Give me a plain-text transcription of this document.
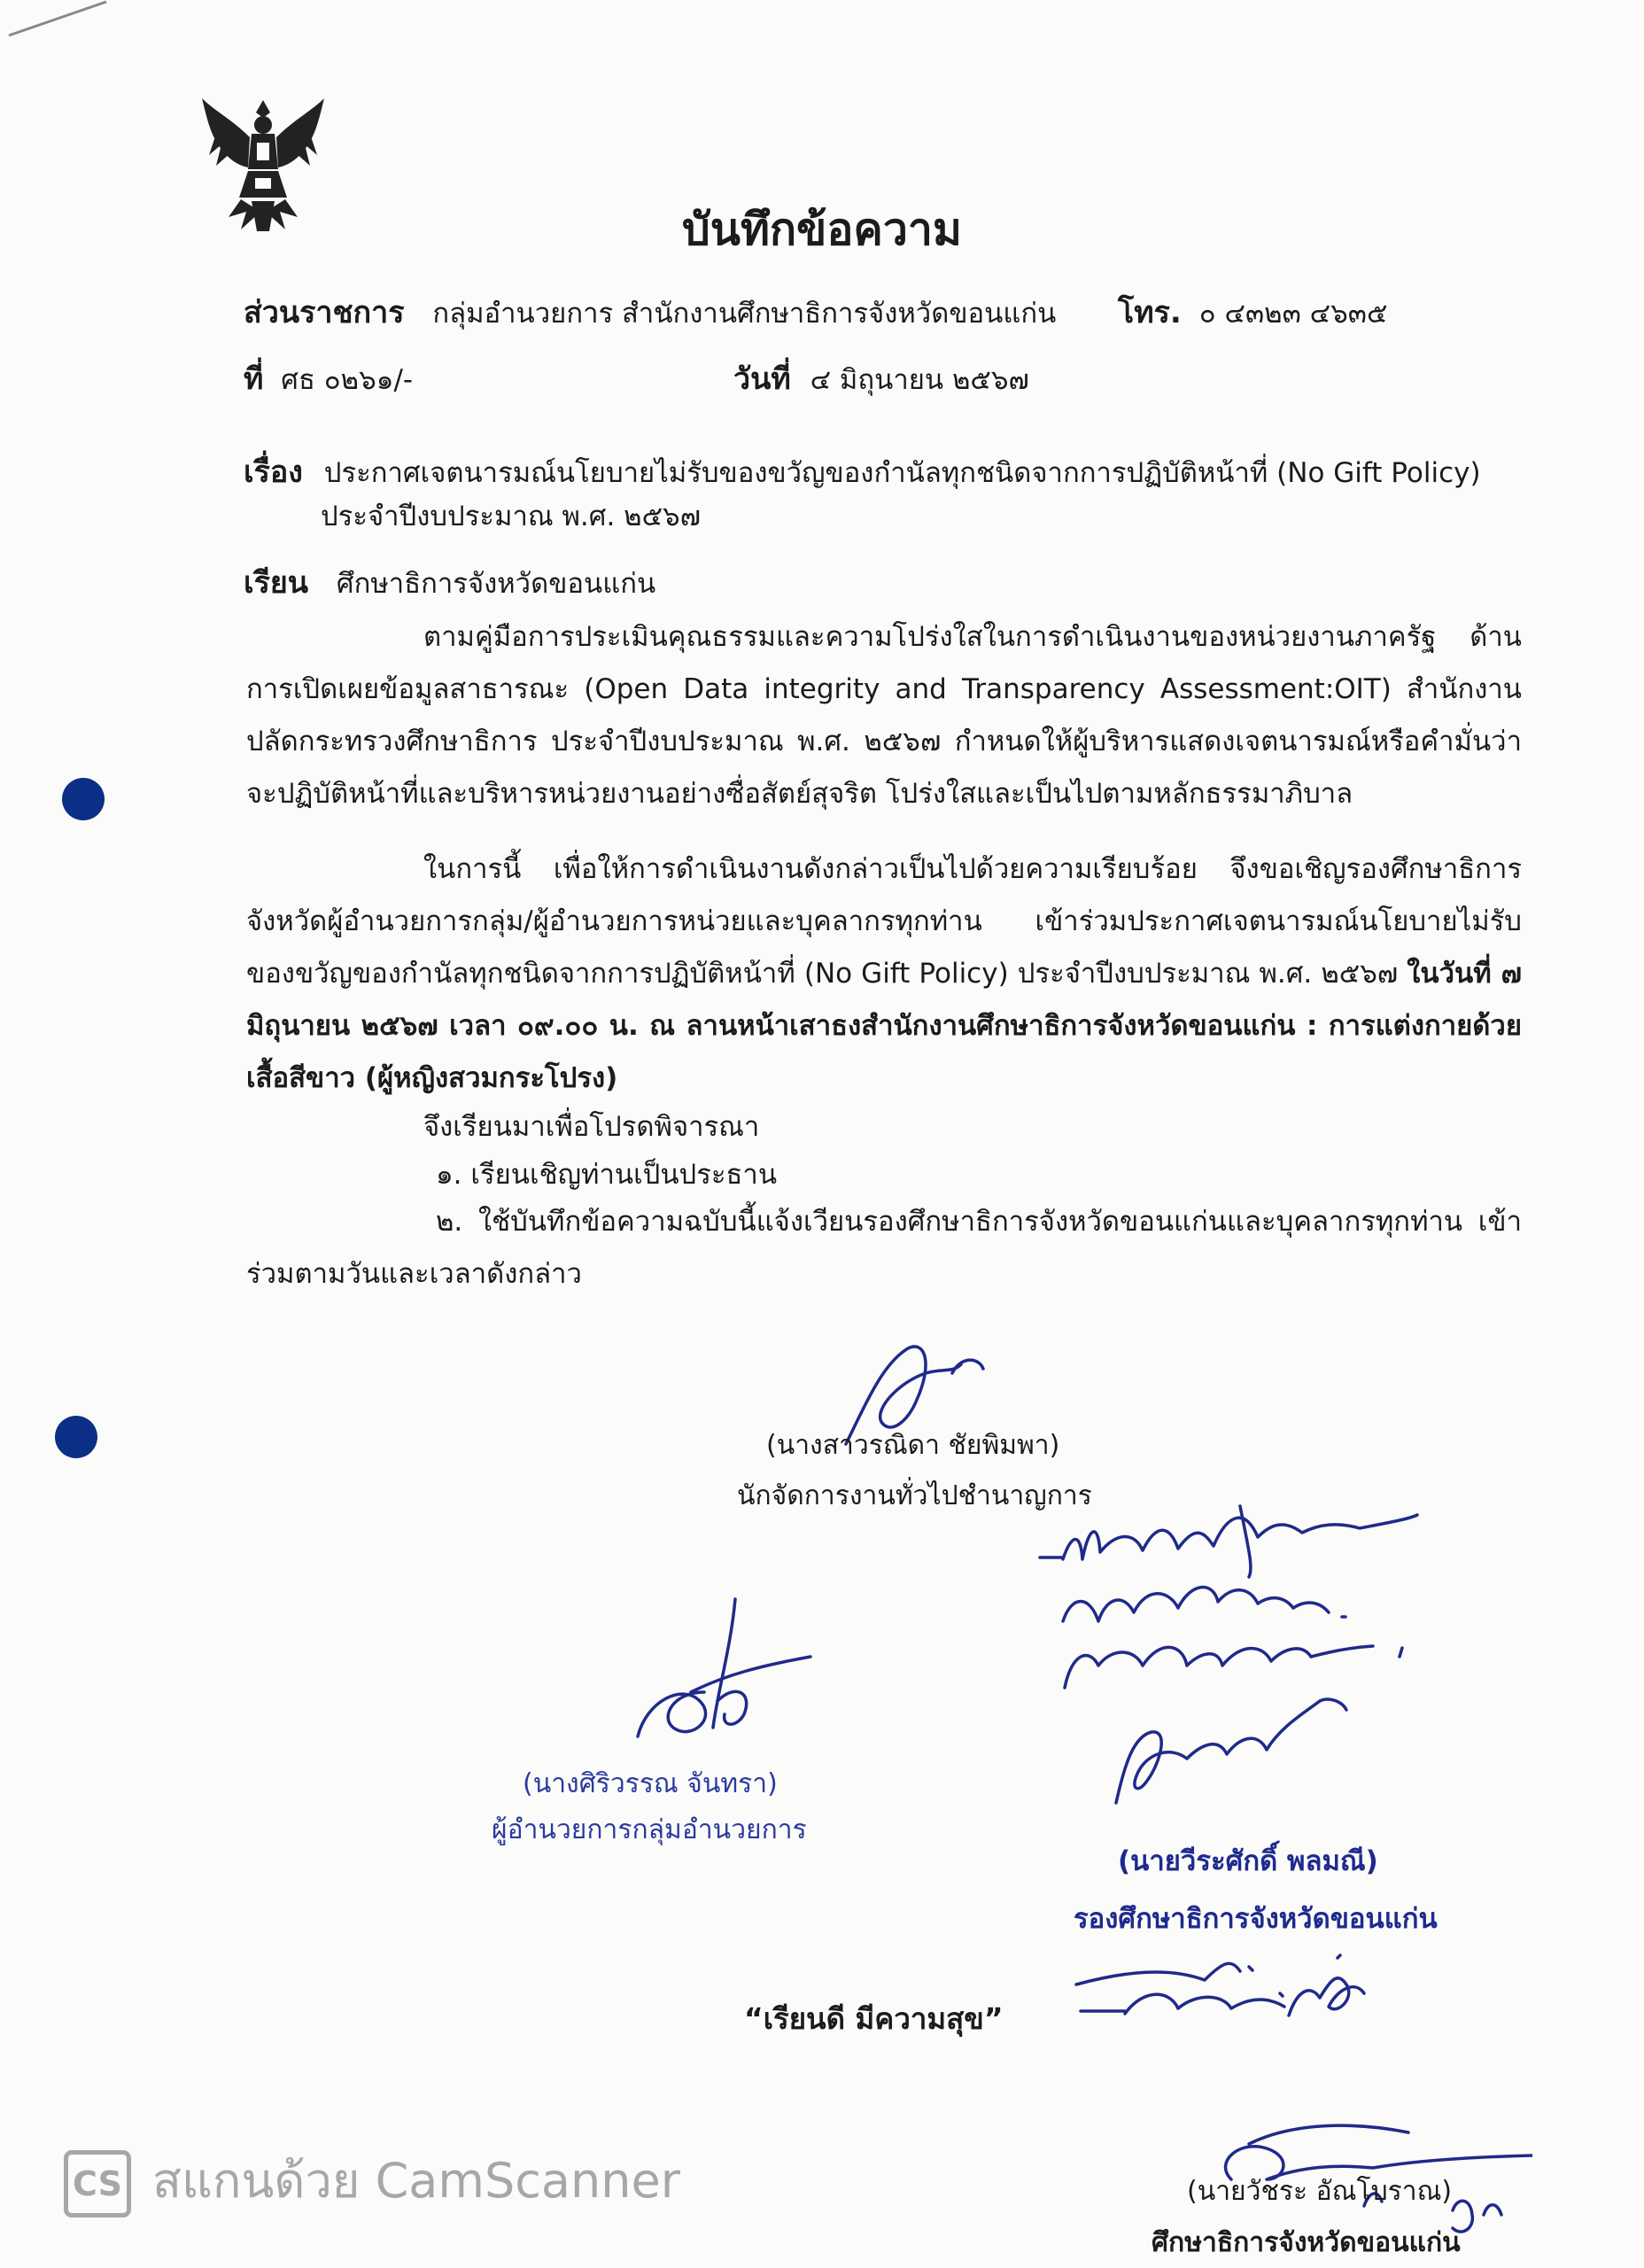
บันทึกข้อความ
ส่วนราชการ กลุ่มอำนวยการ สำนักงานศึกษาธิการจังหวัดขอนแก่น โทร. ๐ ๔๓๒๓ ๔๖๓๕
ที่ ศธ ๐๒๖๑/-	วันที่ ๔ มิถุนายน ๒๕๖๗
เรื่อง ประกาศเจตนารมณ์นโยบายไม่รับของขวัญของกำนัลทุกชนิดจากการปฏิบัติหน้าที่ (No Gift Policy)
ประจำปีงบประมาณ พ.ศ. ๒๕๖๗
เรียน ศึกษาธิการจังหวัดขอนแก่น
ตามคู่มือการประเมินคุณธรรมและความโปร่งใสในการดำเนินงานของหน่วยงานภาครัฐ ด้านการเปิดเผยข้อมูลสาธารณะ (Open Data integrity and Transparency Assessment:OIT) สำนักงานปลัดกระทรวงศึกษาธิการ ประจำปีงบประมาณ พ.ศ. ๒๕๖๗ กำหนดให้ผู้บริหารแสดงเจตนารมณ์หรือคำมั่นว่าจะปฏิบัติหน้าที่และบริหารหน่วยงานอย่างซื่อสัตย์สุจริต โปร่งใสและเป็นไปตามหลักธรรมาภิบาล
ในการนี้ เพื่อให้การดำเนินงานดังกล่าวเป็นไปด้วยความเรียบร้อย จึงขอเชิญรองศึกษาธิการจังหวัดผู้อำนวยการกลุ่ม/ผู้อำนวยการหน่วยและบุคลากรทุกท่าน เข้าร่วมประกาศเจตนารมณ์นโยบายไม่รับของขวัญของกำนัลทุกชนิดจากการปฏิบัติหน้าที่ (No Gift Policy) ประจำปีงบประมาณ พ.ศ. ๒๕๖๗ ในวันที่ ๗ มิถุนายน ๒๕๖๗ เวลา ๐๙.๐๐ น. ณ ลานหน้าเสาธงสำนักงานศึกษาธิการจังหวัดขอนแก่น : การแต่งกายด้วยเสื้อสีขาว (ผู้หญิงสวมกระโปรง)
จึงเรียนมาเพื่อโปรดพิจารณา
๑. เรียนเชิญท่านเป็นประธาน
๒. ใช้บันทึกข้อความฉบับนี้แจ้งเวียนรองศึกษาธิการจังหวัดขอนแก่นและบุคลากรทุกท่าน เข้าร่วมตามวันและเวลาดังกล่าว
(นางสาวรณิดา ชัยพิมพา)
นักจัดการงานทั่วไปชำนาญการ
(นางศิริวรรณ จันทรา)
ผู้อำนวยการกลุ่มอำนวยการ
(นายวีระศักดิ์ พลมณี)
รองศึกษาธิการจังหวัดขอนแก่น
“เรียนดี มีความสุข”
(นายวัชระ อัณโบราณ)
ศึกษาธิการจังหวัดขอนแก่น
CS สแกนด้วย CamScanner
